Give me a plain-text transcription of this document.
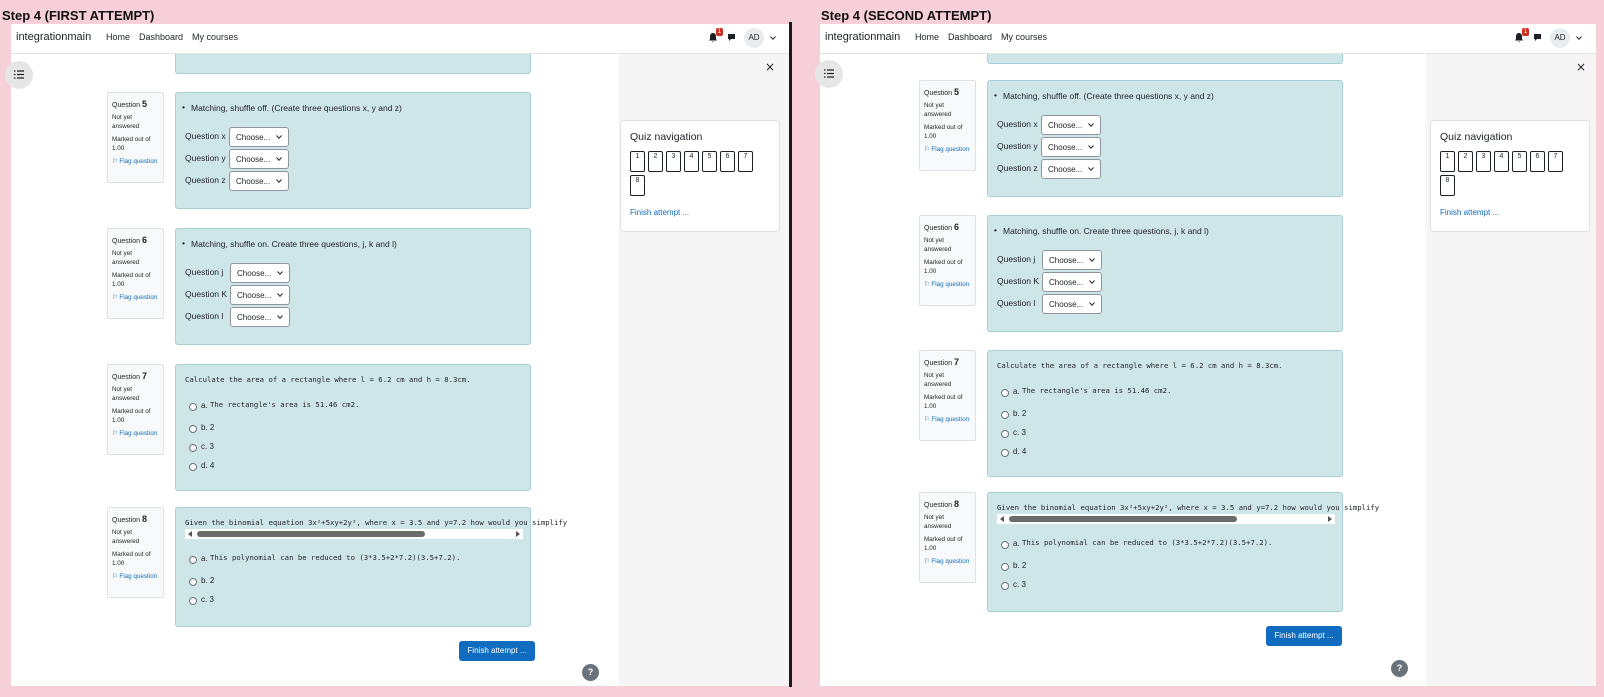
Step 4 (FIRST ATTEMPT)	Step 4 (SECOND ATTEMPT)
integrationmain Home Dashboard My courses	1
AD
Question 5
Not yet answered
Marked out of 1.00
⚐ Flag question
• Matching, shuffle off. (Create three questions x, y and z)
Question x	Choose...
Question y	Choose...
Question z	Choose...
Question 6
Not yet answered
Marked out of 1.00
⚐ Flag question
• Matching, shuffle on. Create three questions, j, k and l)
Question j	Choose...
Question K	Choose...
Question l	Choose...
Question 7
Not yet answered
Marked out of 1.00
⚐ Flag question
Calculate the area of a rectangle where l = 6.2 cm and h = 8.3cm.
a. The rectangle's area is 51.46 cm2.
b. 2
c. 3
d. 4
Question 8
Not yet answered
Marked out of 1.00
⚐ Flag question
Given the binomial equation 3x²+5xy+2y², where x = 3.5 and y=7.2 how would you simplify
a. This polynomial can be reduced to (3*3.5+2*7.2)(3.5+7.2).
b. 2
c. 3
Finish attempt ...
?
×
Quiz navigation
1	2	3	4	5	6	7
8
Finish attempt ...
integrationmain Home Dashboard My courses	1
AD
Question 5
Not yet answered
Marked out of 1.00
⚐ Flag question
• Matching, shuffle off. (Create three questions x, y and z)
Question x	Choose...
Question y	Choose...
Question z	Choose...
Question 6
Not yet answered
Marked out of 1.00
⚐ Flag question
• Matching, shuffle on. Create three questions, j, k and l)
Question j	Choose...
Question K	Choose...
Question l	Choose...
Question 7
Not yet answered
Marked out of 1.00
⚐ Flag question
Calculate the area of a rectangle where l = 6.2 cm and h = 8.3cm.
a. The rectangle's area is 51.46 cm2.
b. 2
c. 3
d. 4
Question 8
Not yet answered
Marked out of 1.00
⚐ Flag question
Given the binomial equation 3x²+5xy+2y², where x = 3.5 and y=7.2 how would you simplify
a. This polynomial can be reduced to (3*3.5+2*7.2)(3.5+7.2).
b. 2
c. 3
Finish attempt ...
?
×
Quiz navigation
1	2	3	4	5	6	7
8
Finish attempt ...
